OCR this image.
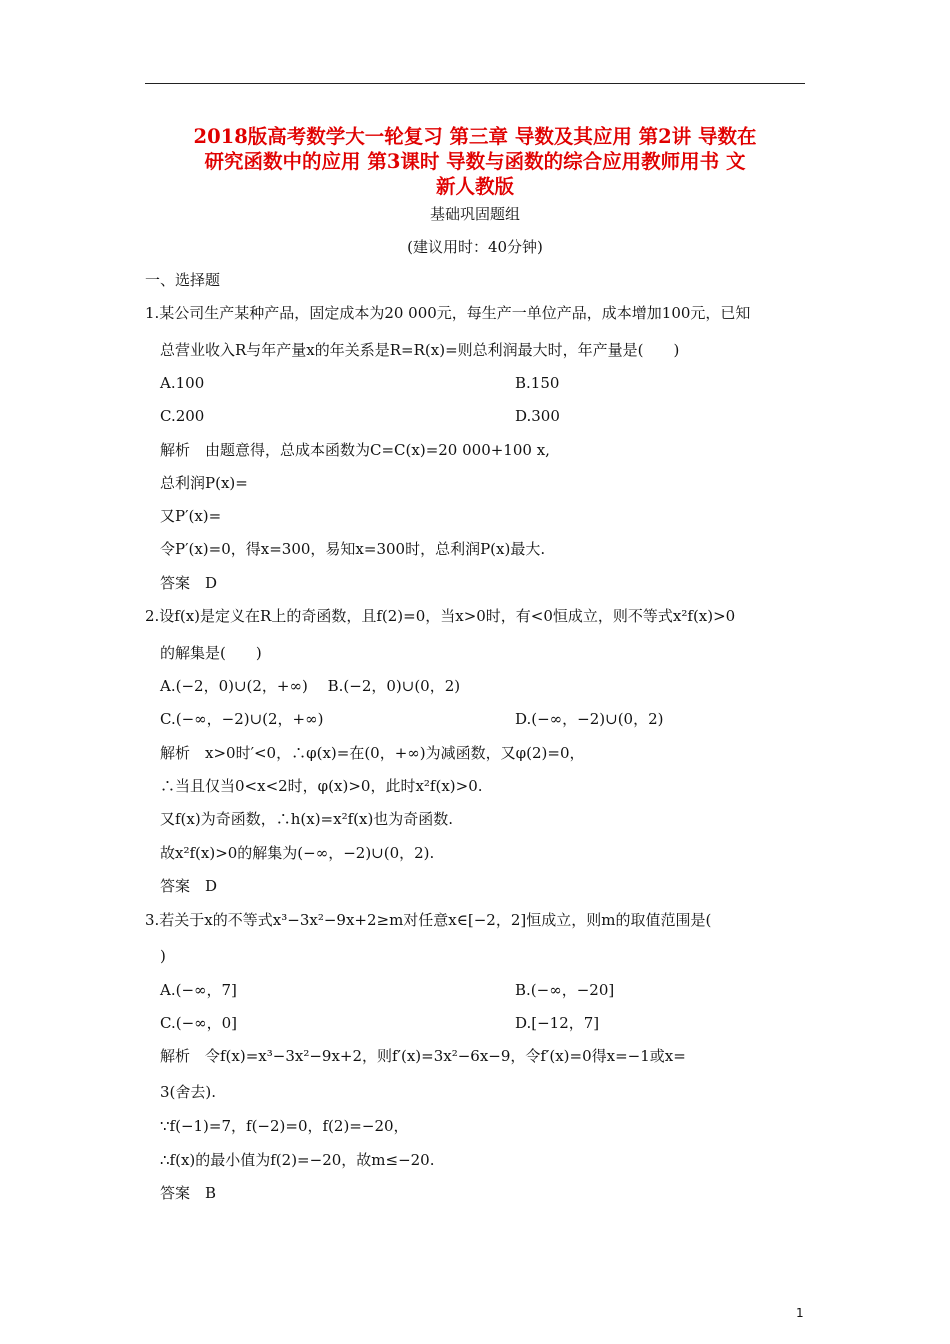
2018版高考数学大一轮复习 第三章 导数及其应用 第2讲 导数在
研究函数中的应用 第3课时 导数与函数的综合应用教师用书 文
新人教版
基础巩固题组
(建议用时：40分钟)
一、选择题
1.某公司生产某种产品，固定成本为20 000元，每生产一单位产品，成本增加100元，已知
总营业收入R与年产量x的年关系是R=R(x)=则总利润最大时，年产量是(　　)
A.100	B.150
C.200	D.300
解析　由题意得，总成本函数为C=C(x)=20 000+100 x,
总利润P(x)=
又P′(x)=
令P′(x)=0，得x=300，易知x=300时，总利润P(x)最大.
答案　D
2.设f(x)是定义在R上的奇函数，且f(2)=0，当x>0时，有<0恒成立，则不等式x²f(x)>0
的解集是(　　)
A.(−2，0)∪(2，+∞)　 B.(−2，0)∪(0，2)
C.(−∞，−2)∪(2，+∞)	D.(−∞，−2)∪(0，2)
解析　x>0时′<0，∴φ(x)=在(0，+∞)为减函数，又φ(2)=0，
∴当且仅当0<x<2时，φ(x)>0，此时x²f(x)>0.
又f(x)为奇函数，∴h(x)=x²f(x)也为奇函数.
故x²f(x)>0的解集为(−∞，−2)∪(0，2).
答案　D
3.若关于x的不等式x³−3x²−9x+2≥m对任意x∈[−2，2]恒成立，则m的取值范围是(
)
A.(−∞，7]	B.(−∞，−20]
C.(−∞，0]	D.[−12，7]
解析　令f(x)=x³−3x²−9x+2，则f′(x)=3x²−6x−9，令f′(x)=0得x=−1或x=
3(舍去).
∵f(−1)=7，f(−2)=0，f(2)=−20，
∴f(x)的最小值为f(2)=−20，故m≤−20.
答案　B
1
